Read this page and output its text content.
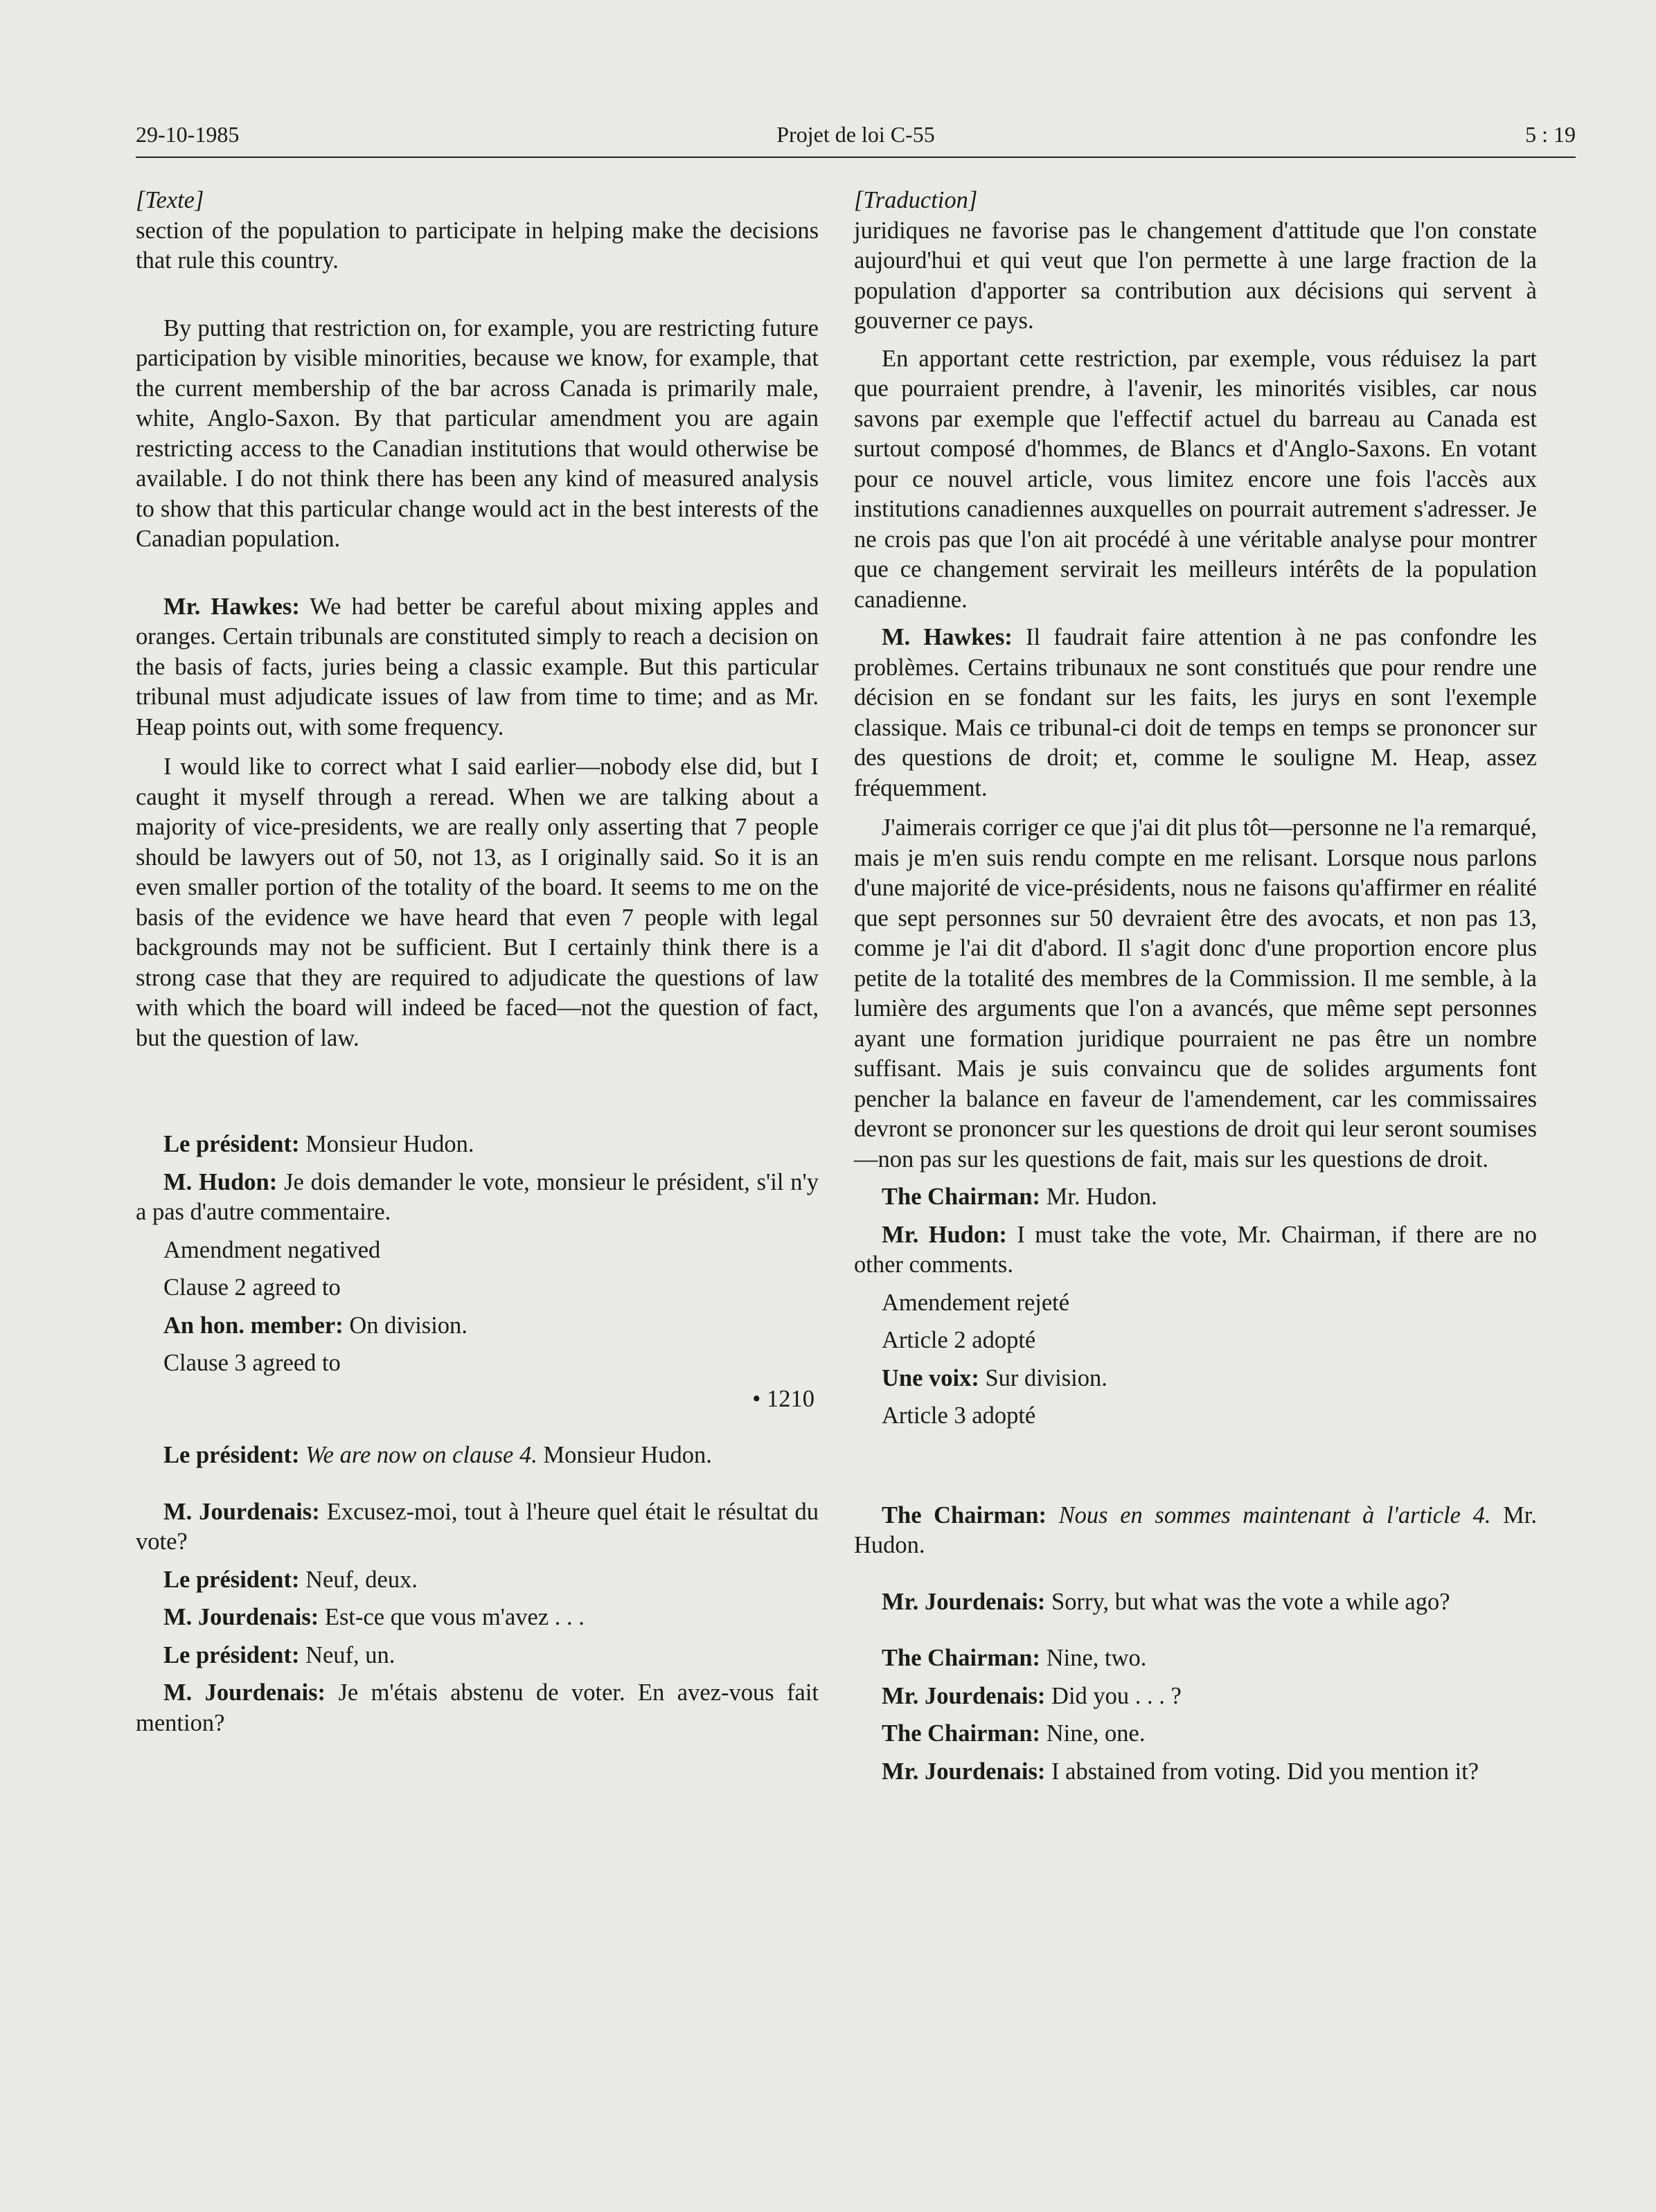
29-10-1985	Projet de loi C-55	5 : 19

[Texte]

section of the population to participate in helping make the decisions that rule this country.

By putting that restriction on, for example, you are restricting future participation by visible minorities, because we know, for example, that the current membership of the bar across Canada is primarily male, white, Anglo-Saxon. By that particular amendment you are again restricting access to the Canadian institutions that would otherwise be available. I do not think there has been any kind of measured analysis to show that this particular change would act in the best interests of the Canadian population.

Mr. Hawkes: We had better be careful about mixing apples and oranges. Certain tribunals are constituted simply to reach a decision on the basis of facts, juries being a classic example. But this particular tribunal must adjudicate issues of law from time to time; and as Mr. Heap points out, with some frequency.

I would like to correct what I said earlier—nobody else did, but I caught it myself through a reread. When we are talking about a majority of vice-presidents, we are really only asserting that 7 people should be lawyers out of 50, not 13, as I originally said. So it is an even smaller portion of the totality of the board. It seems to me on the basis of the evidence we have heard that even 7 people with legal backgrounds may not be sufficient. But I certainly think there is a strong case that they are required to adjudicate the questions of law with which the board will indeed be faced—not the question of fact, but the question of law.

Le président: Monsieur Hudon.

M. Hudon: Je dois demander le vote, monsieur le président, s'il n'y a pas d'autre commentaire.

Amendment negatived

Clause 2 agreed to

An hon. member: On division.

Clause 3 agreed to

• 1210

Le président: We are now on clause 4. Monsieur Hudon.

M. Jourdenais: Excusez-moi, tout à l'heure quel était le résultat du vote?

Le président: Neuf, deux.

M. Jourdenais: Est-ce que vous m'avez . . .

Le président: Neuf, un.

M. Jourdenais: Je m'étais abstenu de voter. En avez-vous fait mention?

[Traduction]

juridiques ne favorise pas le changement d'attitude que l'on constate aujourd'hui et qui veut que l'on permette à une large fraction de la population d'apporter sa contribution aux décisions qui servent à gouverner ce pays.

En apportant cette restriction, par exemple, vous réduisez la part que pourraient prendre, à l'avenir, les minorités visibles, car nous savons par exemple que l'effectif actuel du barreau au Canada est surtout composé d'hommes, de Blancs et d'Anglo-Saxons. En votant pour ce nouvel article, vous limitez encore une fois l'accès aux institutions canadiennes auxquelles on pourrait autrement s'adresser. Je ne crois pas que l'on ait procédé à une véritable analyse pour montrer que ce changement servirait les meilleurs intérêts de la population canadienne.

M. Hawkes: Il faudrait faire attention à ne pas confondre les problèmes. Certains tribunaux ne sont constitués que pour rendre une décision en se fondant sur les faits, les jurys en sont l'exemple classique. Mais ce tribunal-ci doit de temps en temps se prononcer sur des questions de droit; et, comme le souligne M. Heap, assez fréquemment.

J'aimerais corriger ce que j'ai dit plus tôt—personne ne l'a remarqué, mais je m'en suis rendu compte en me relisant. Lorsque nous parlons d'une majorité de vice-présidents, nous ne faisons qu'affirmer en réalité que sept personnes sur 50 devraient être des avocats, et non pas 13, comme je l'ai dit d'abord. Il s'agit donc d'une proportion encore plus petite de la totalité des membres de la Commission. Il me semble, à la lumière des arguments que l'on a avancés, que même sept personnes ayant une formation juridique pourraient ne pas être un nombre suffisant. Mais je suis convaincu que de solides arguments font pencher la balance en faveur de l'amendement, car les commissaires devront se prononcer sur les questions de droit qui leur seront soumises—non pas sur les questions de fait, mais sur les questions de droit.

The Chairman: Mr. Hudon.

Mr. Hudon: I must take the vote, Mr. Chairman, if there are no other comments.

Amendement rejeté

Article 2 adopté

Une voix: Sur division.

Article 3 adopté

The Chairman: Nous en sommes maintenant à l'article 4. Mr. Hudon.

Mr. Jourdenais: Sorry, but what was the vote a while ago?

The Chairman: Nine, two.

Mr. Jourdenais: Did you . . . ?

The Chairman: Nine, one.

Mr. Jourdenais: I abstained from voting. Did you mention it?
